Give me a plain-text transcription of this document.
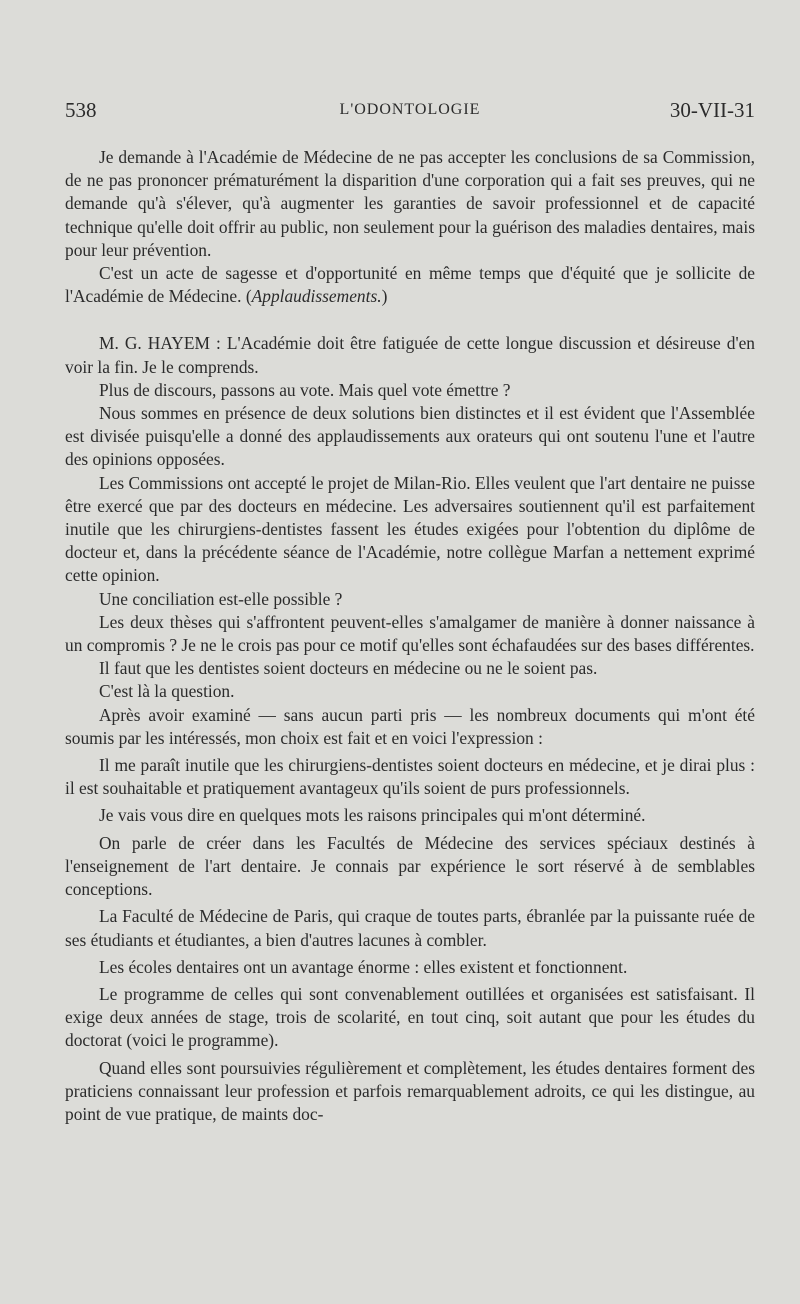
538	L'ODONTOLOGIE	30-VII-31

Je demande à l'Académie de Médecine de ne pas accepter les conclusions de sa Commission, de ne pas prononcer prématurément la disparition d'une corporation qui a fait ses preuves, qui ne demande qu'à s'élever, qu'à augmenter les garanties de savoir professionnel et de capacité technique qu'elle doit offrir au public, non seulement pour la guérison des maladies dentaires, mais pour leur prévention.

C'est un acte de sagesse et d'opportunité en même temps que d'équité que je sollicite de l'Académie de Médecine. (Applaudissements.)

M. G. HAYEM : L'Académie doit être fatiguée de cette longue discussion et désireuse d'en voir la fin. Je le comprends.

Plus de discours, passons au vote. Mais quel vote émettre ?

Nous sommes en présence de deux solutions bien distinctes et il est évident que l'Assemblée est divisée puisqu'elle a donné des applaudissements aux orateurs qui ont soutenu l'une et l'autre des opinions opposées.

Les Commissions ont accepté le projet de Milan-Rio. Elles veulent que l'art dentaire ne puisse être exercé que par des docteurs en médecine. Les adversaires soutiennent qu'il est parfaitement inutile que les chirurgiens-dentistes fassent les études exigées pour l'obtention du diplôme de docteur et, dans la précédente séance de l'Académie, notre collègue Marfan a nettement exprimé cette opinion.

Une conciliation est-elle possible ?

Les deux thèses qui s'affrontent peuvent-elles s'amalgamer de manière à donner naissance à un compromis ? Je ne le crois pas pour ce motif qu'elles sont échafaudées sur des bases différentes.

Il faut que les dentistes soient docteurs en médecine ou ne le soient pas.

C'est là la question.

Après avoir examiné — sans aucun parti pris — les nombreux documents qui m'ont été soumis par les intéressés, mon choix est fait et en voici l'expression :

Il me paraît inutile que les chirurgiens-dentistes soient docteurs en médecine, et je dirai plus : il est souhaitable et pratiquement avantageux qu'ils soient de purs professionnels.

Je vais vous dire en quelques mots les raisons principales qui m'ont déterminé.

On parle de créer dans les Facultés de Médecine des services spéciaux destinés à l'enseignement de l'art dentaire. Je connais par expérience le sort réservé à de semblables conceptions.

La Faculté de Médecine de Paris, qui craque de toutes parts, ébranlée par la puissante ruée de ses étudiants et étudiantes, a bien d'autres lacunes à combler.

Les écoles dentaires ont un avantage énorme : elles existent et fonctionnent.

Le programme de celles qui sont convenablement outillées et organisées est satisfaisant. Il exige deux années de stage, trois de scolarité, en tout cinq, soit autant que pour les études du doctorat (voici le programme).

Quand elles sont poursuivies régulièrement et complètement, les études dentaires forment des praticiens connaissant leur profession et parfois remarquablement adroits, ce qui les distingue, au point de vue pratique, de maints doc-
